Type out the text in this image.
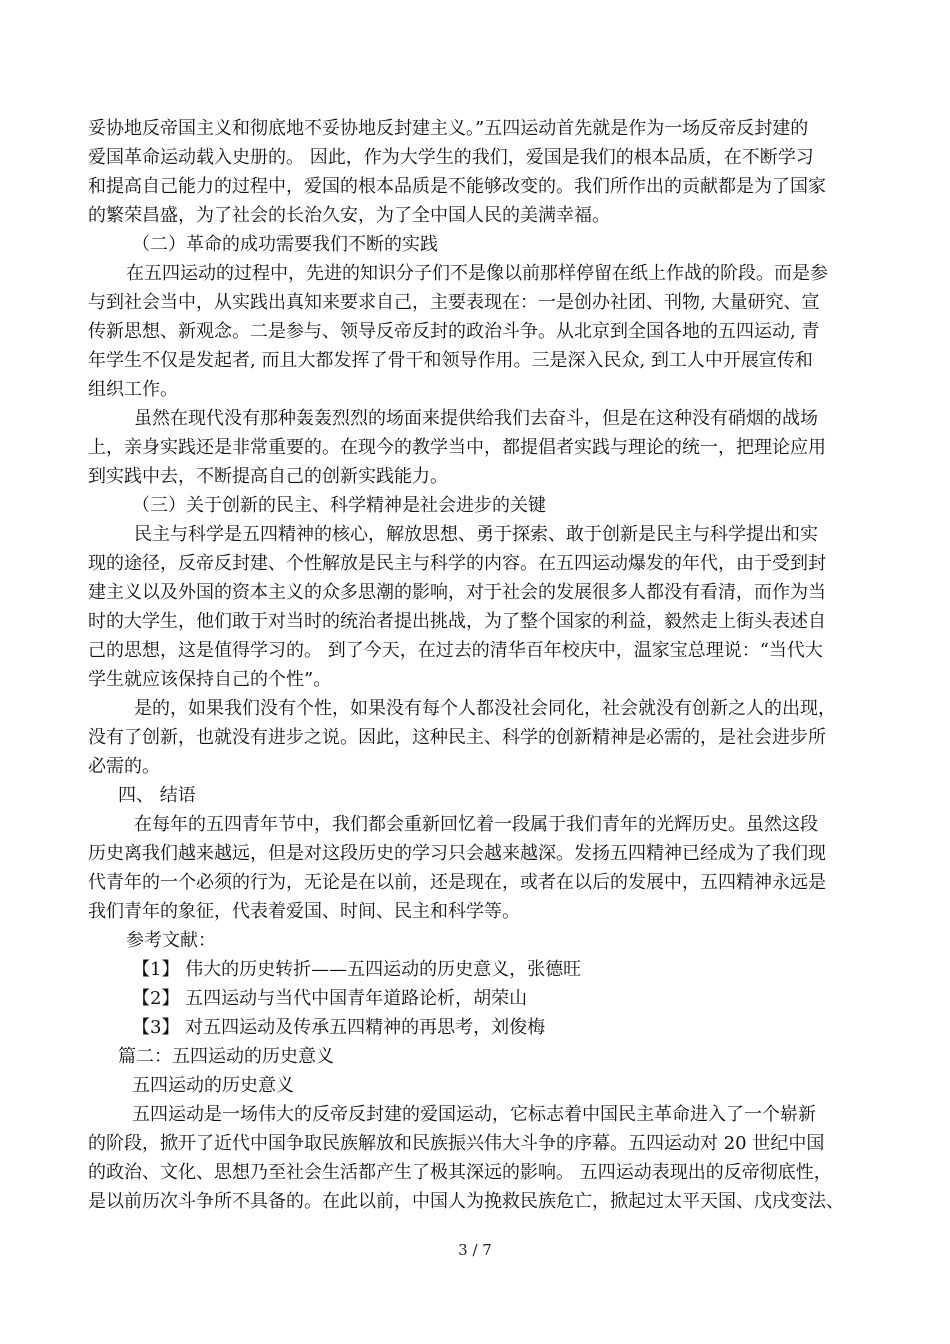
妥协地反帝国主义和彻底地不妥协地反封建主义。”五四运动首先就是作为一场反帝反封建的
爱国革命运动载入史册的。 因此，作为大学生的我们，爱国是我们的根本品质，在不断学习
和提高自己能力的过程中，爱国的根本品质是不能够改变的。我们所作出的贡献都是为了国家
的繁荣昌盛，为了社会的长治久安，为了全中国人民的美满幸福。
（二）革命的成功需要我们不断的实践
在五四运动的过程中，先进的知识分子们不是像以前那样停留在纸上作战的阶段。而是参
与到社会当中，从实践出真知来要求自己，主要表现在：一是创办社团、刊物, 大量研究、宣
传新思想、新观念。二是参与、领导反帝反封的政治斗争。从北京到全国各地的五四运动, 青
年学生不仅是发起者, 而且大都发挥了骨干和领导作用。三是深入民众, 到工人中开展宣传和
组织工作。
虽然在现代没有那种轰轰烈烈的场面来提供给我们去奋斗，但是在这种没有硝烟的战场
上，亲身实践还是非常重要的。在现今的教学当中，都提倡者实践与理论的统一，把理论应用
到实践中去，不断提高自己的创新实践能力。
（三）关于创新的民主、科学精神是社会进步的关键
民主与科学是五四精神的核心，解放思想、勇于探索、敢于创新是民主与科学提出和实
现的途径，反帝反封建、个性解放是民主与科学的内容。在五四运动爆发的年代，由于受到封
建主义以及外国的资本主义的众多思潮的影响，对于社会的发展很多人都没有看清，而作为当
时的大学生，他们敢于对当时的统治者提出挑战，为了整个国家的利益，毅然走上街头表述自
己的思想，这是值得学习的。 到了今天，在过去的清华百年校庆中，温家宝总理说：“当代大
学生就应该保持自己的个性”。
是的，如果我们没有个性，如果没有每个人都没社会同化，社会就没有创新之人的出现，
没有了创新，也就没有进步之说。因此，这种民主、科学的创新精神是必需的，是社会进步所
必需的。
四、 结语
在每年的五四青年节中，我们都会重新回忆着一段属于我们青年的光辉历史。虽然这段
历史离我们越来越远，但是对这段历史的学习只会越来越深。发扬五四精神已经成为了我们现
代青年的一个必须的行为，无论是在以前，还是现在，或者在以后的发展中，五四精神永远是
我们青年的象征，代表着爱国、时间、民主和科学等。
参考文献：
【1】 伟大的历史转折——五四运动的历史意义，张德旺
【2】 五四运动与当代中国青年道路论析，胡荣山
【3】 对五四运动及传承五四精神的再思考，刘俊梅
篇二：五四运动的历史意义
五四运动的历史意义
五四运动是一场伟大的反帝反封建的爱国运动，它标志着中国民主革命进入了一个崭新
的阶段，掀开了近代中国争取民族解放和民族振兴伟大斗争的序幕。五四运动对 20 世纪中国
的政治、文化、思想乃至社会生活都产生了极其深远的影响。 五四运动表现出的反帝彻底性，
是以前历次斗争所不具备的。在此以前，中国人为挽救民族危亡，掀起过太平天国、戊戌变法、
3 / 7
